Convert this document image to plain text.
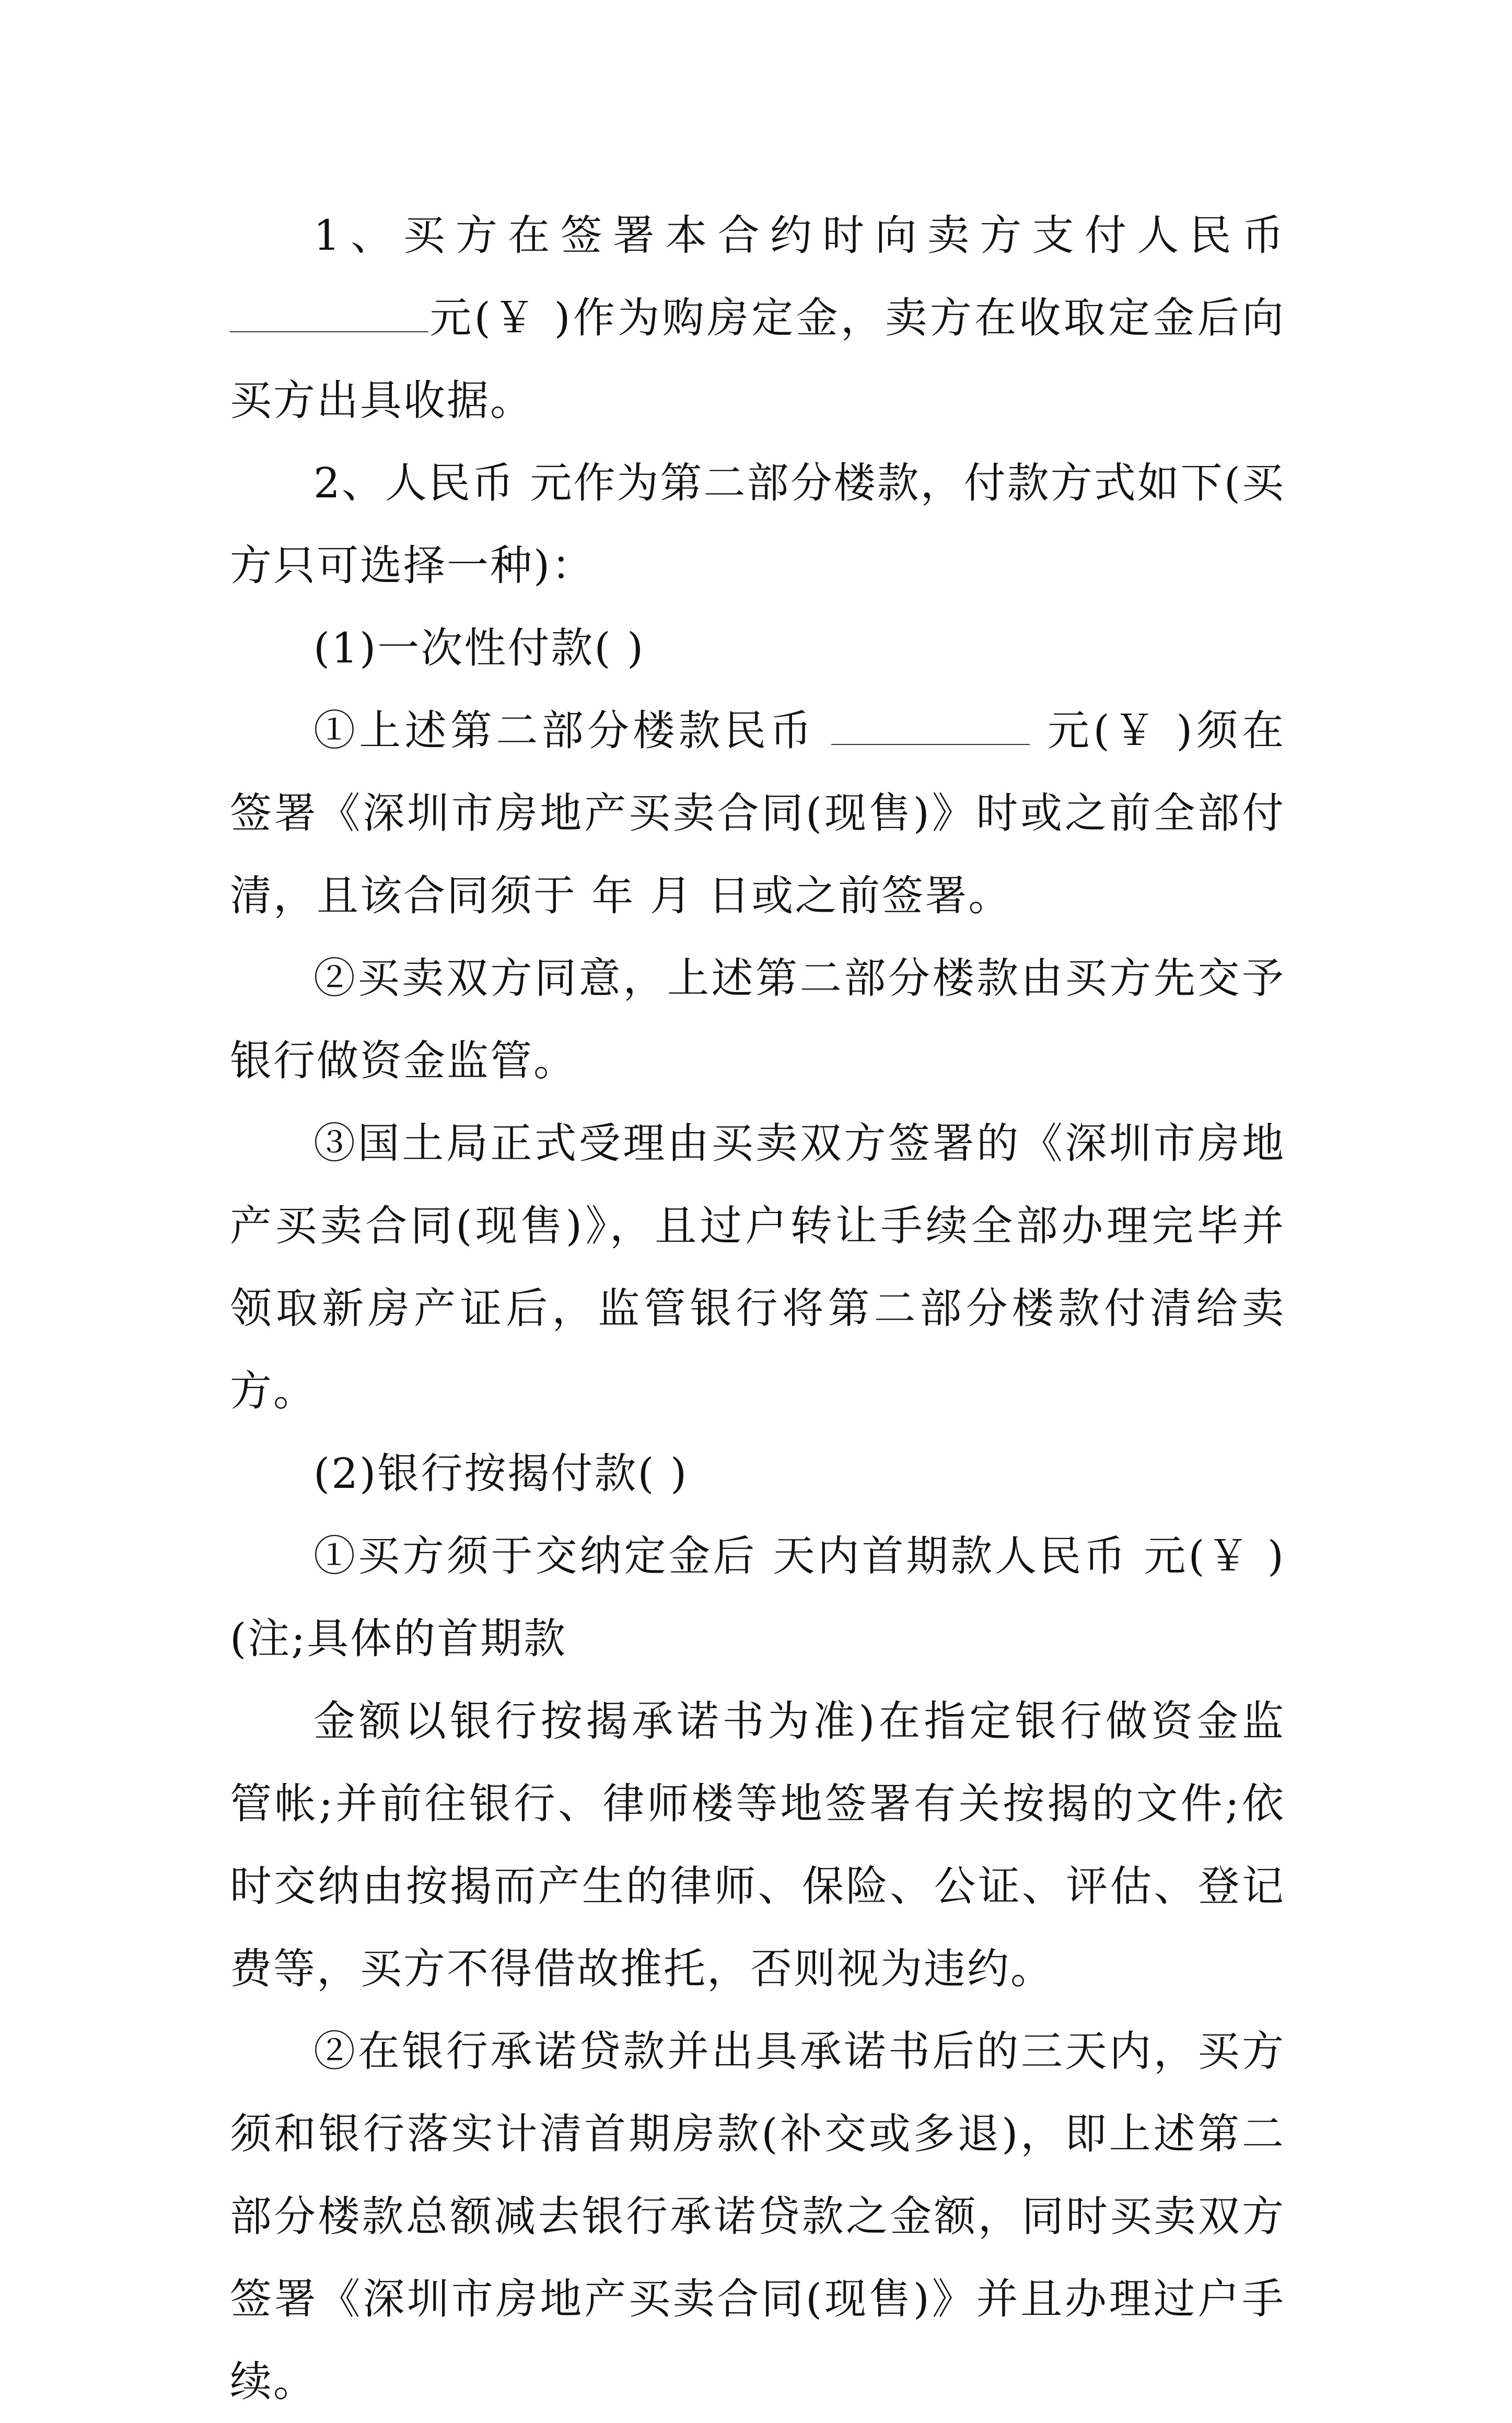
1、买方在签署本合约时向卖方支付人民币元(￥ )作为购房定金，卖方在收取定金后向买方出具收据。

2、人民币 元作为第二部分楼款，付款方式如下(买方只可选择一种)：

(1)一次性付款( )

①上述第二部分楼款民币	元(￥ )须在签署《深圳市房地产买卖合同(现售)》时或之前全部付清，且该合同须于 年 月 日或之前签署。

②买卖双方同意，上述第二部分楼款由买方先交予银行做资金监管。

③国土局正式受理由买卖双方签署的《深圳市房地产买卖合同(现售)》，且过户转让手续全部办理完毕并领取新房产证后，监管银行将第二部分楼款付清给卖方。

(2)银行按揭付款( )

①买方须于交纳定金后 天内首期款人民币 元(￥ )(注;具体的首期款

金额以银行按揭承诺书为准)在指定银行做资金监管帐;并前往银行、律师楼等地签署有关按揭的文件;依时交纳由按揭而产生的律师、保险、公证、评估、登记费等，买方不得借故推托，否则视为违约。

②在银行承诺贷款并出具承诺书后的三天内，买方须和银行落实计清首期房款(补交或多退)，即上述第二部分楼款总额减去银行承诺贷款之金额，同时买卖双方签署《深圳市房地产买卖合同(现售)》并且办理过户手续。
